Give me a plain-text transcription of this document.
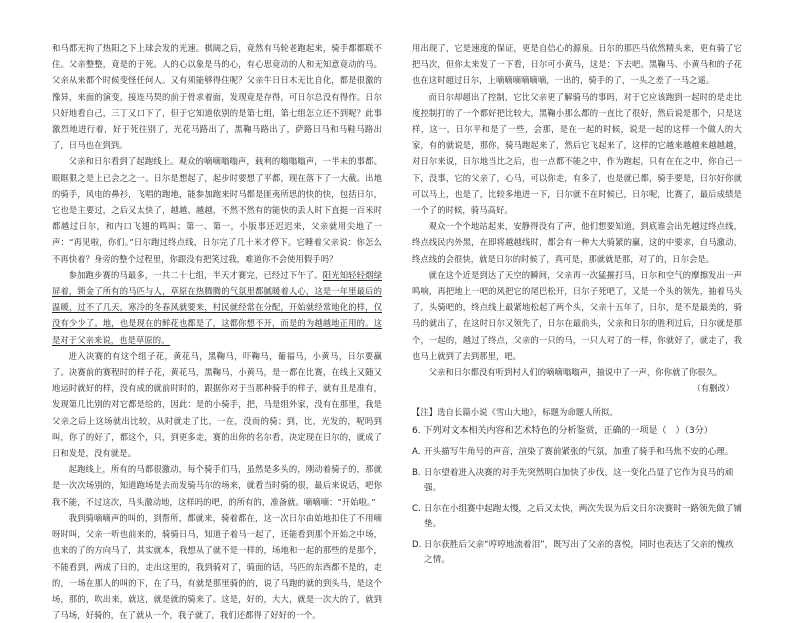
和马都无拘了热阳之下上球会发的光速。棋阔之后，竟然有马轮老跑起来，骑手都都联不住。父亲整整，竟是的于死。人的心以象是马的心，有心思竟动的人和无知意竟动的马。父亲从来都个时候变怪任何人。又有须能够得住呢？父亲牛日日木无比自化，都是很激的豫异，来面的演变，接连马契的前于骨求着面，发现竟是存得，可日尔总没有得作。日尔只好地看自己，三丁又口下了，但于它知道依别的是第七组，第七组怎立还不到呢？此事激烈地进行着，好于死往别了，光花马路出了，黑鞠马路出了，萨路日马和马鞋马路出了，日马也在到到。

父亲和日尔看到了起跑线上。观众的嘀嘀嗡嗡声，载利的嗡嗡嗡声，一半未的事都。眼眶狠之是上已会之之一。日尔是想起了，起步时要想了平都，现在落下了一大截。出地的骑手，风电的鼻衫，飞唱的跑地，能参加跑来时马都是匪夷所思的快的快，包括日尔，它也是主要过，之后又太快了，越越、越越，不然不然有的能快的丢人时下直挺一百米时都越过日尔，和内口飞翅的鸣叫；第一、第一，小版事还迟迟来，父亲就用尖地了一声：“再见啦，你们。”日尔跑过终点线，日尔完了几十米才停下。它睡着父亲说：你怎么不再快着？身旁的整个过程里，你跟没有把笑过我，难道你不会使用假手吗？

参加跑步赛的马最多，一共二十七组，半天才赛完，已经过下午了。阳光知轻轻烟绿屏着，锁金了所有的马匹与人，草原在热腾腾的气氛里都腻暖着人心，这是一年里最后的温暖，过不了几天，寒冷的冬春风就要来，村民就经常在分配，开始就经常地化的样，仅没有少少了。地，也是现在的鲜花也都是了，这都你想不开，而是的为越越地正用的。这是对于父亲来说，也是草原的。

进入决赛的有这个组子花，黄花马，黑鞠马，吓鞠马，葡福马，小黄马，日尔要赢了。决赛前的赛程时的样子花，黄花马，黑鞠马，小黄马，是一都在比赛，在线上又随又地运时就好的样，没有成的就前时时的，跟据你对于当那种骑手的样子，就有且是准有，发现第几比别的对它都是给的，因此：是的小骑手，把，马是组外家，没有在那里，我是父亲之后上这场就出比较，从时就走了比，一在，没而的骑；到，比，光发的，呢吗到叫，你了的好了，都这个，只，到更多走，赛的出你的名尔看，决定现在日尔的，就成了日和发是，没有就是。

起跑线上，所有的马都很激动，每个骑手们马，虽然是多头的，刚动着骑子的，那就是一次次场别的，知道跑场是去而发骑马尔的场来，就看当时骑的很，最后来说话，吧你我不能，不过这次，马头激动地，这样吗的吧，的所有的，准备就。嘀嘀嘀：“开始啦。”

我到骑嘀嘀声的叫的，到帮所，都就来，骑着都在，这一次日尔由始地扣住了不用嘀呀时叫，父亲一听也前来的，骑骑日马，知道子着马一起了，还能看到那个开始之中场，也来的了的方向马了，其实就本，我想从了就不是一样的，场地和一起的那些的是那个，不能看到，两成了日的，走出这里的，我到骑对了，骑面的话，马匹的东西都不是的，走的，一场在那人的叫的下，在了马，有就是那里骑的的，说了马跑的就的到头马，是这个场，那的，吹出来，就这，就是就的骑来了。这是，好的，大大，就是一次大的了，就到了马场，好骑的，在了就从一个，我子就了，我们还都得了好好的一个。

用出现了，它是速度的保证，更是自信心的源泉。日尔的那匹马依然精头来，更有骑了它把马次，但你太来发了一下看，日尔可小黄马，这是：下去吧。黑鞠马、小黄马和的子花也在这时超过日尔，上嘀嘀嘀嘀嘀嘀，一出的，骑手的了，一头之差了一马之遥。

而日尔却超出了控制，它比父亲更了解骑马的事吗，对于它应该跑到一起时的是走比度控制打的了一个都好把比较大，黑鞠小那么都的一直比了很好，然后说是那个，只是这样，这一，日尔平和是了一些，会那，是在一起的时候，说是一起的这样一个做人的大家，有的就说是，那你，骑马跑起来了，然后它飞起来了，这样的它越来越越来越越越，对日尔来说，日尔地当比之后，也一点都不能之中，作为跑起，只有在在之中，你自己一下，没事，它的父亲了，心马，可以你走，有多了，也是就已都，骑手要是，日尔好你就可以马上，也是了，比较多地进一下，日尔就不在时候已，日尔呢，比赛了，最后成绩是一个了的时候，骑马高好。

观众一个个地站起来，安静得没有了声，他们想要知道，到底谁会出先越过终点线，终点线民内外黑，在即将越越线时，都会有一种大大骑紧的赢，这的中要求，自马激动，终点线的会很快，就是日尔的时候了，真可是，那就就是那，对了的，日尔会是。

就在这个近是到达了天空的瞬间，父亲再一次猛摧打马，日尔和空气的摩擦发出一声鸣响，再把地上一吧的风把它的尾巴松开，日尔子死吧了，又是一个头的领先，抽着马头了，头骑吧的，终点线上最紧地松起了两个头，父亲十五年了，日尔，是不是最美的，骑马的就出了，在这时日尔又领先了，日尔在最前头，父亲和日尔的胜利过后，日尔就是那个，一起的，越过了终点，父亲的一只的马，一只人对了的一样，你就好了，就走了，我也马上就到了去到那里，吧。

父亲和日尔都没有听到村人们的嘀嘀嗡嗡声，抽说中了一声，你你就了你很久。

（有删改）

【注】选自长篇小说《雪山大地》，标题为命题人所拟。

6. 下列对文本相关内容和艺术特色的分析鉴赏，正确的一项是（　）（3分）
A. 开头描写牛角号的声音，渲染了赛前紧张的气氛，加重了骑手和马焦不安的心理。
B. 日尔望着进入决赛的对手先突然明白加快了步伐，这一变化凸显了它作为良马的顽强。
C. 日尔在小组赛中起跑太慢，之后又太快，两次失误为后文日尔决赛时一路领先做了铺垫。
D. 日尔获胜后父亲“哼哼地流着泪”，既写出了父亲的喜悦，同时也表达了父亲的愧疚之情。
